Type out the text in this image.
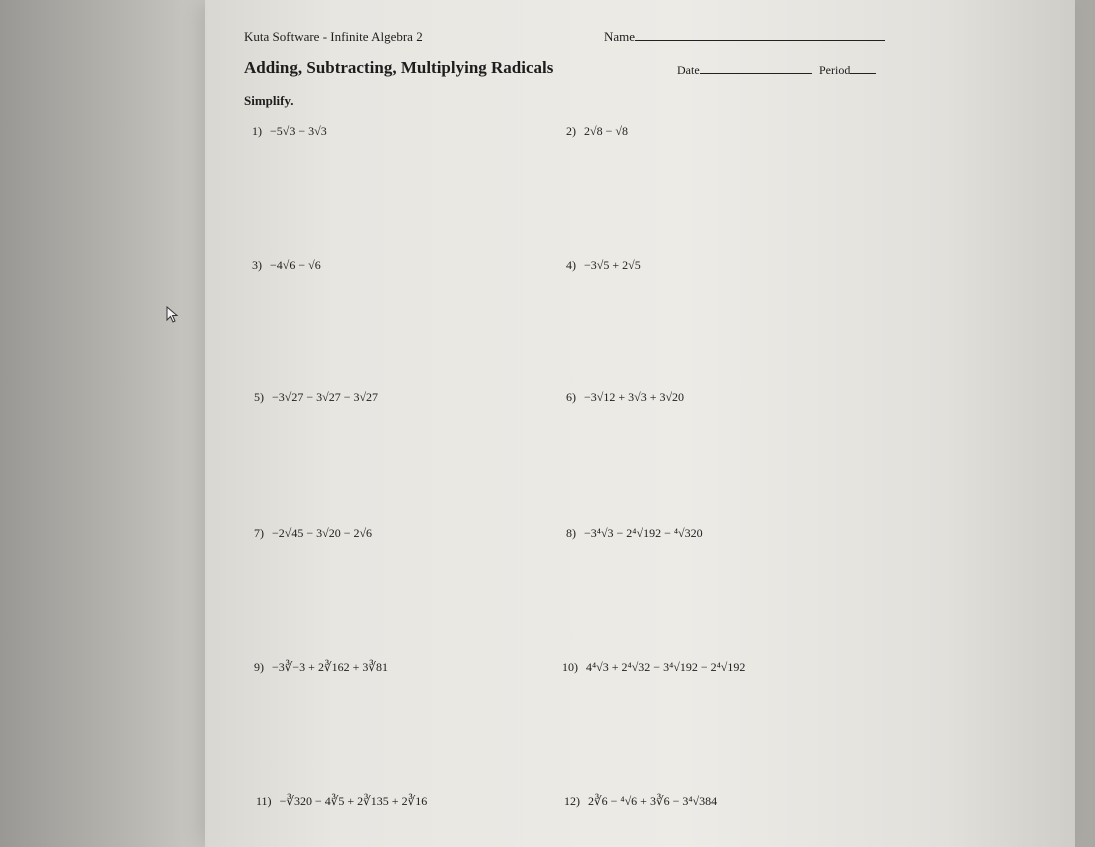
Kuta Software - Infinite Algebra 2
Adding, Subtracting, Multiplying Radicals
Simplify.
Name
Date	Period
1) −5√3 − 3√3	2) 2√8 − √8
3) −4√6 − √6	4) −3√5 + 2√5
5) −3√27 − 3√27 − 3√27	6) −3√12 + 3√3 + 3√20
7) −2√45 − 3√20 − 2√6	8) −3⁴√3 − 2⁴√192 − ⁴√320
9) −3∛−3 + 2∛162 + 3∛81	10) 4⁴√3 + 2⁴√32 − 3⁴√192 − 2⁴√192
11) −∛320 − 4∛5 + 2∛135 + 2∛16	12) 2∛6 − ⁴√6 + 3∛6 − 3⁴√384
